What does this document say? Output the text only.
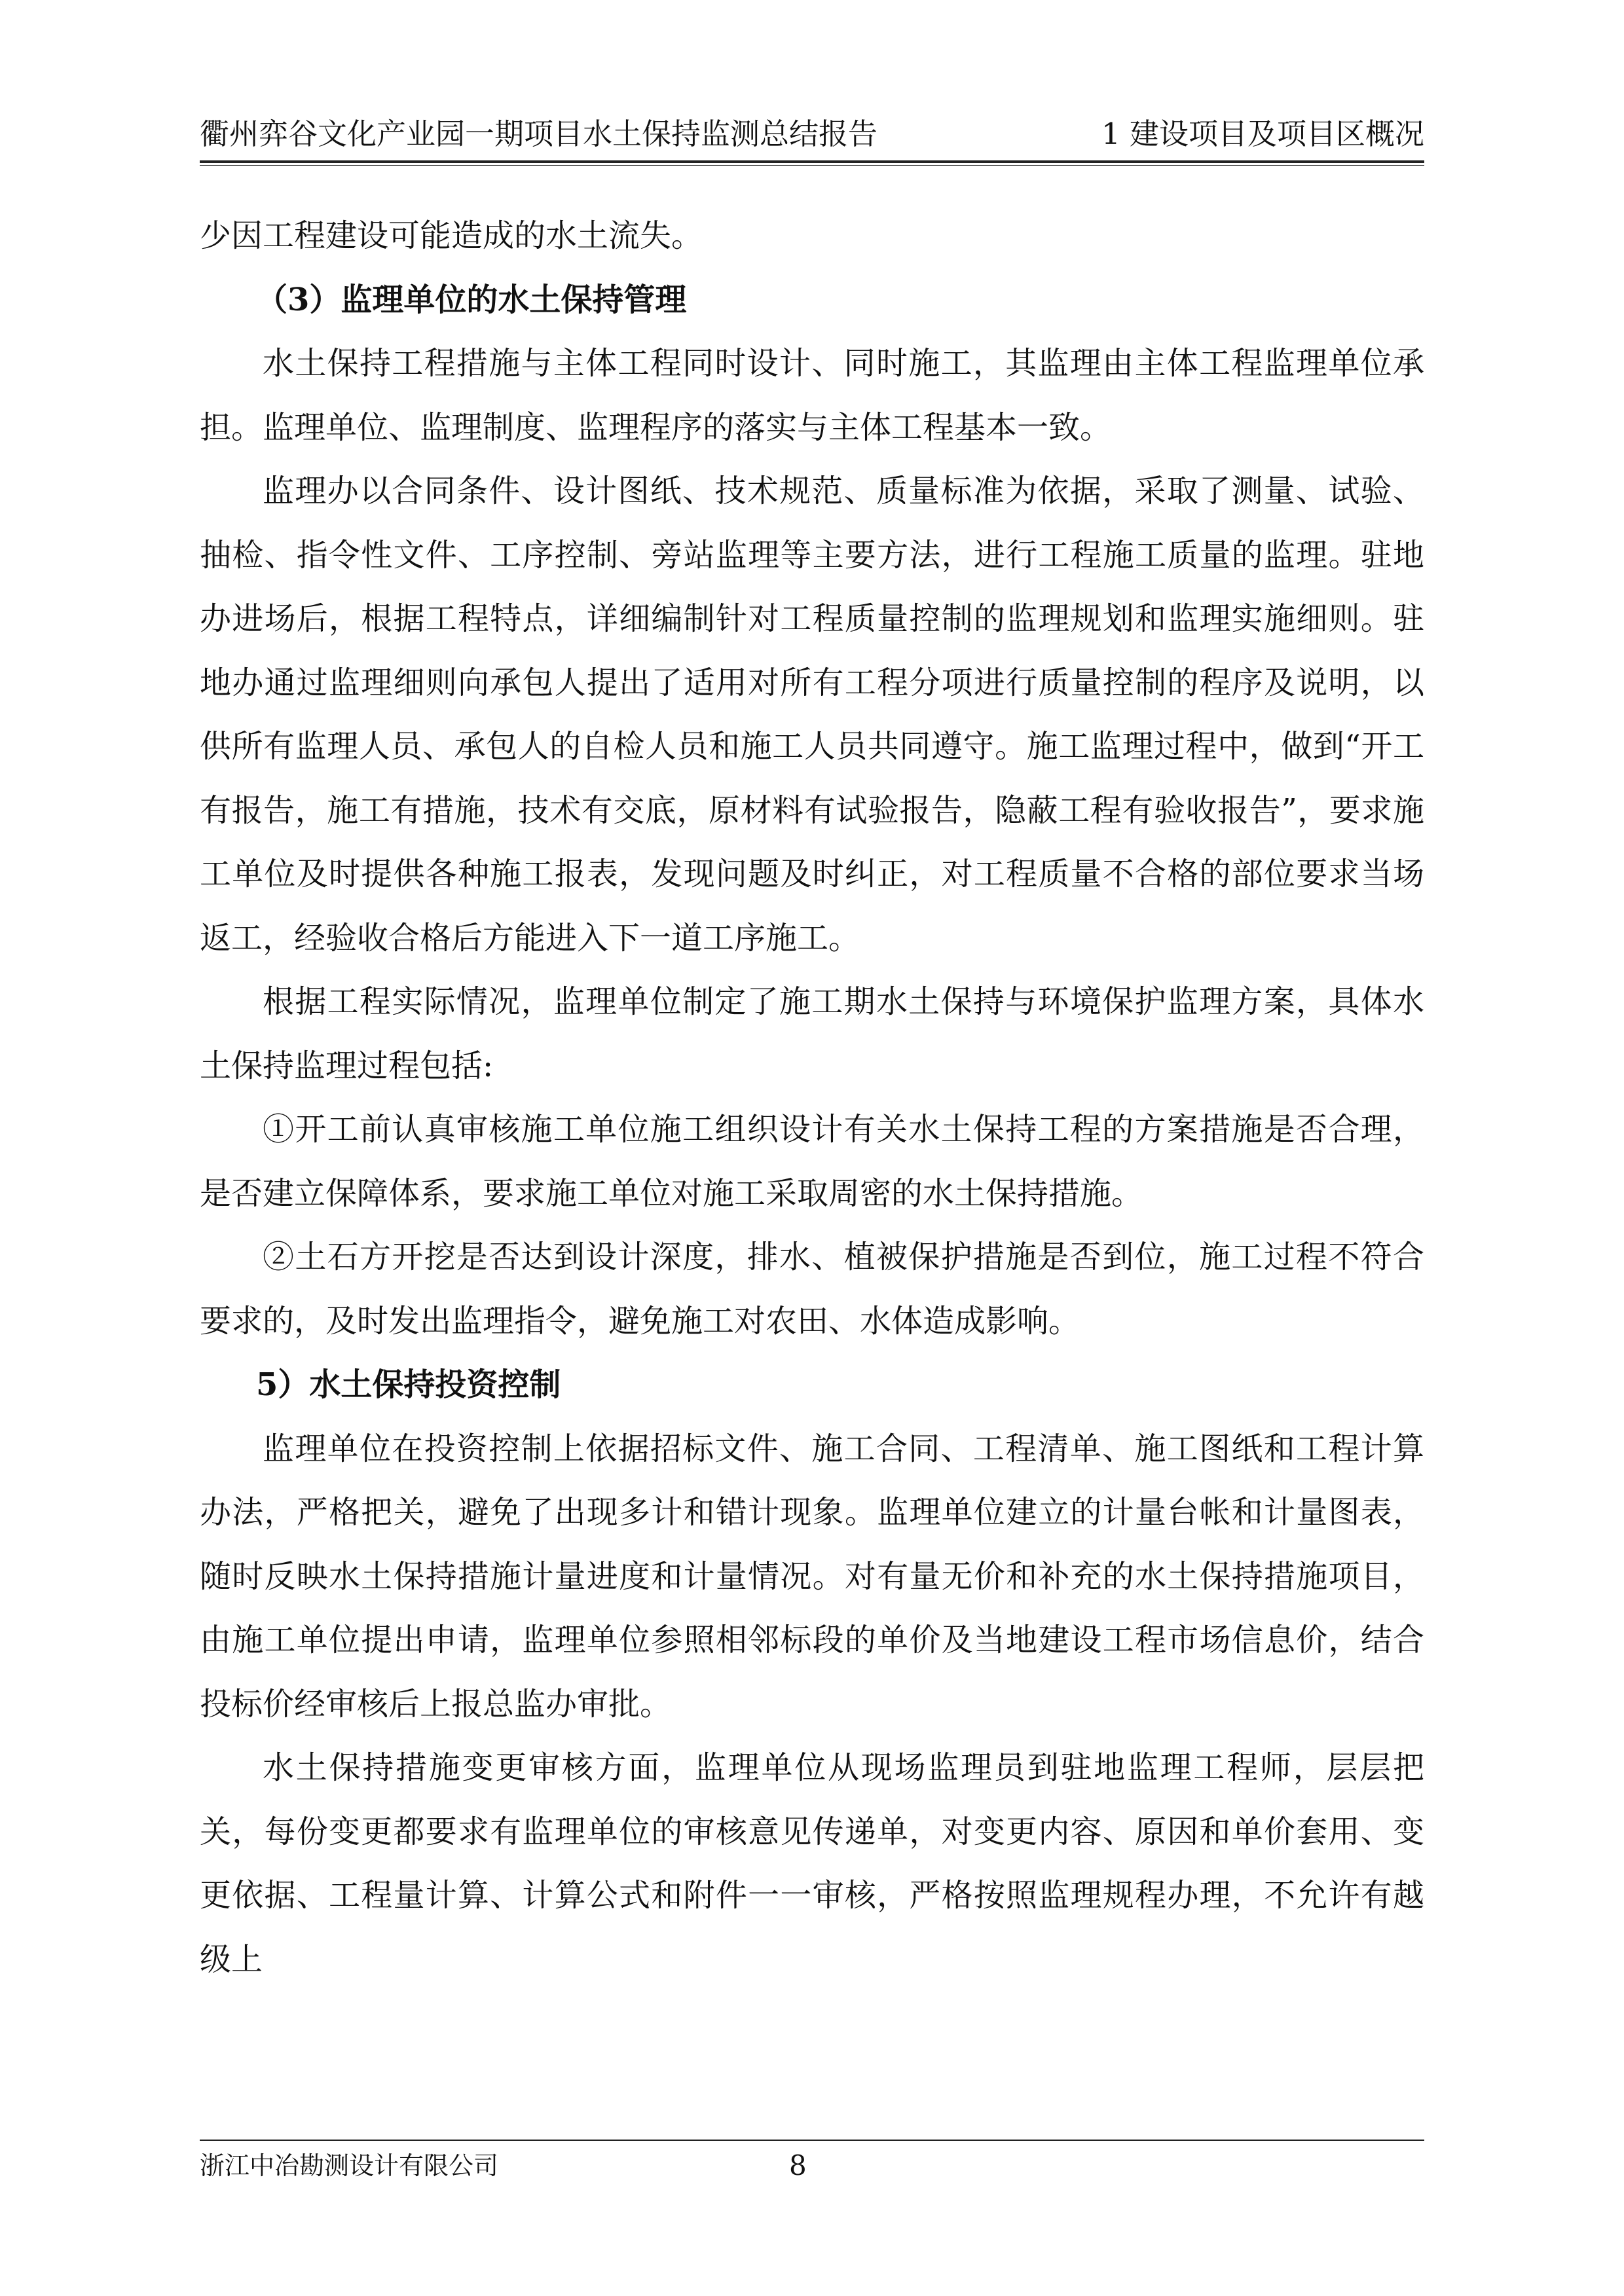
衢州弈谷文化产业园一期项目水土保持监测总结报告	1 建设项目及项目区概况

少因工程建设可能造成的水土流失。

（3）监理单位的水土保持管理

水土保持工程措施与主体工程同时设计、同时施工，其监理由主体工程监理单位承担。监理单位、监理制度、监理程序的落实与主体工程基本一致。

监理办以合同条件、设计图纸、技术规范、质量标准为依据，采取了测量、试验、抽检、指令性文件、工序控制、旁站监理等主要方法，进行工程施工质量的监理。驻地办进场后，根据工程特点，详细编制针对工程质量控制的监理规划和监理实施细则。驻地办通过监理细则向承包人提出了适用对所有工程分项进行质量控制的程序及说明，以供所有监理人员、承包人的自检人员和施工人员共同遵守。施工监理过程中，做到“开工有报告，施工有措施，技术有交底，原材料有试验报告，隐蔽工程有验收报告”，要求施工单位及时提供各种施工报表，发现问题及时纠正，对工程质量不合格的部位要求当场返工，经验收合格后方能进入下一道工序施工。

根据工程实际情况，监理单位制定了施工期水土保持与环境保护监理方案，具体水土保持监理过程包括:

①开工前认真审核施工单位施工组织设计有关水土保持工程的方案措施是否合理，是否建立保障体系，要求施工单位对施工采取周密的水土保持措施。

②土石方开挖是否达到设计深度，排水、植被保护措施是否到位，施工过程不符合要求的，及时发出监理指令，避免施工对农田、水体造成影响。

5）水土保持投资控制

监理单位在投资控制上依据招标文件、施工合同、工程清单、施工图纸和工程计算办法，严格把关，避免了出现多计和错计现象。监理单位建立的计量台帐和计量图表，随时反映水土保持措施计量进度和计量情况。对有量无价和补充的水土保持措施项目，由施工单位提出申请，监理单位参照相邻标段的单价及当地建设工程市场信息价，结合投标价经审核后上报总监办审批。

水土保持措施变更审核方面，监理单位从现场监理员到驻地监理工程师，层层把关，每份变更都要求有监理单位的审核意见传递单，对变更内容、原因和单价套用、变更依据、工程量计算、计算公式和附件一一审核，严格按照监理规程办理，不允许有越级上

浙江中冶勘测设计有限公司	8
